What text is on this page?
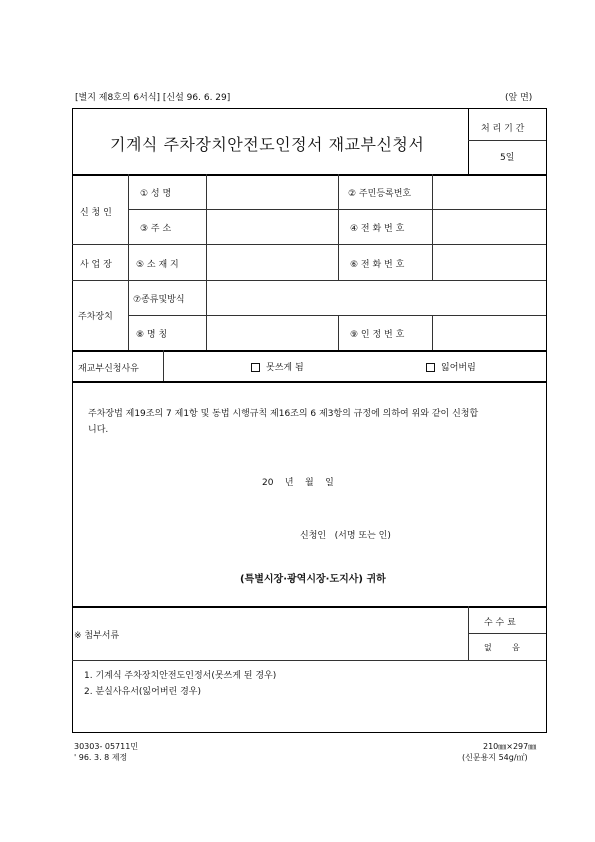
[별지 제8호의 6서식] [신설 96. 6. 29]	(앞 면)
기계식 주차장치안전도인정서 재교부신청서
처 리 기 간
5일
신 청 인
① 성 명	② 주민등록번호
③ 주 소	④ 전 화 번 호
사 업 장	⑤ 소 재 지	⑥ 전 화 번 호
주차장치
⑦종류및방식
⑧ 명 칭	⑨ 인 정 번 호
재교부신청사유	못쓰게 됨	잃어버림
주차장법 제19조의 7 제1항 및 동법 시행규칙 제16조의 6 제3항의 규정에 의하여 위와 같이 신청합
니다.
20    년    월    일
신청인   (서명 또는 인)
(특별시장·광역시장·도지사) 귀하
수 수 료
없        음
※ 첨부서류
1. 기계식 주차장치안전도인정서(못쓰게 된 경우)
2. 분실사유서(잃어버린 경우)
30303- 05711민
' 96. 3. 8 제정
210㎜×297㎜
(신문용지 54g/㎡)
